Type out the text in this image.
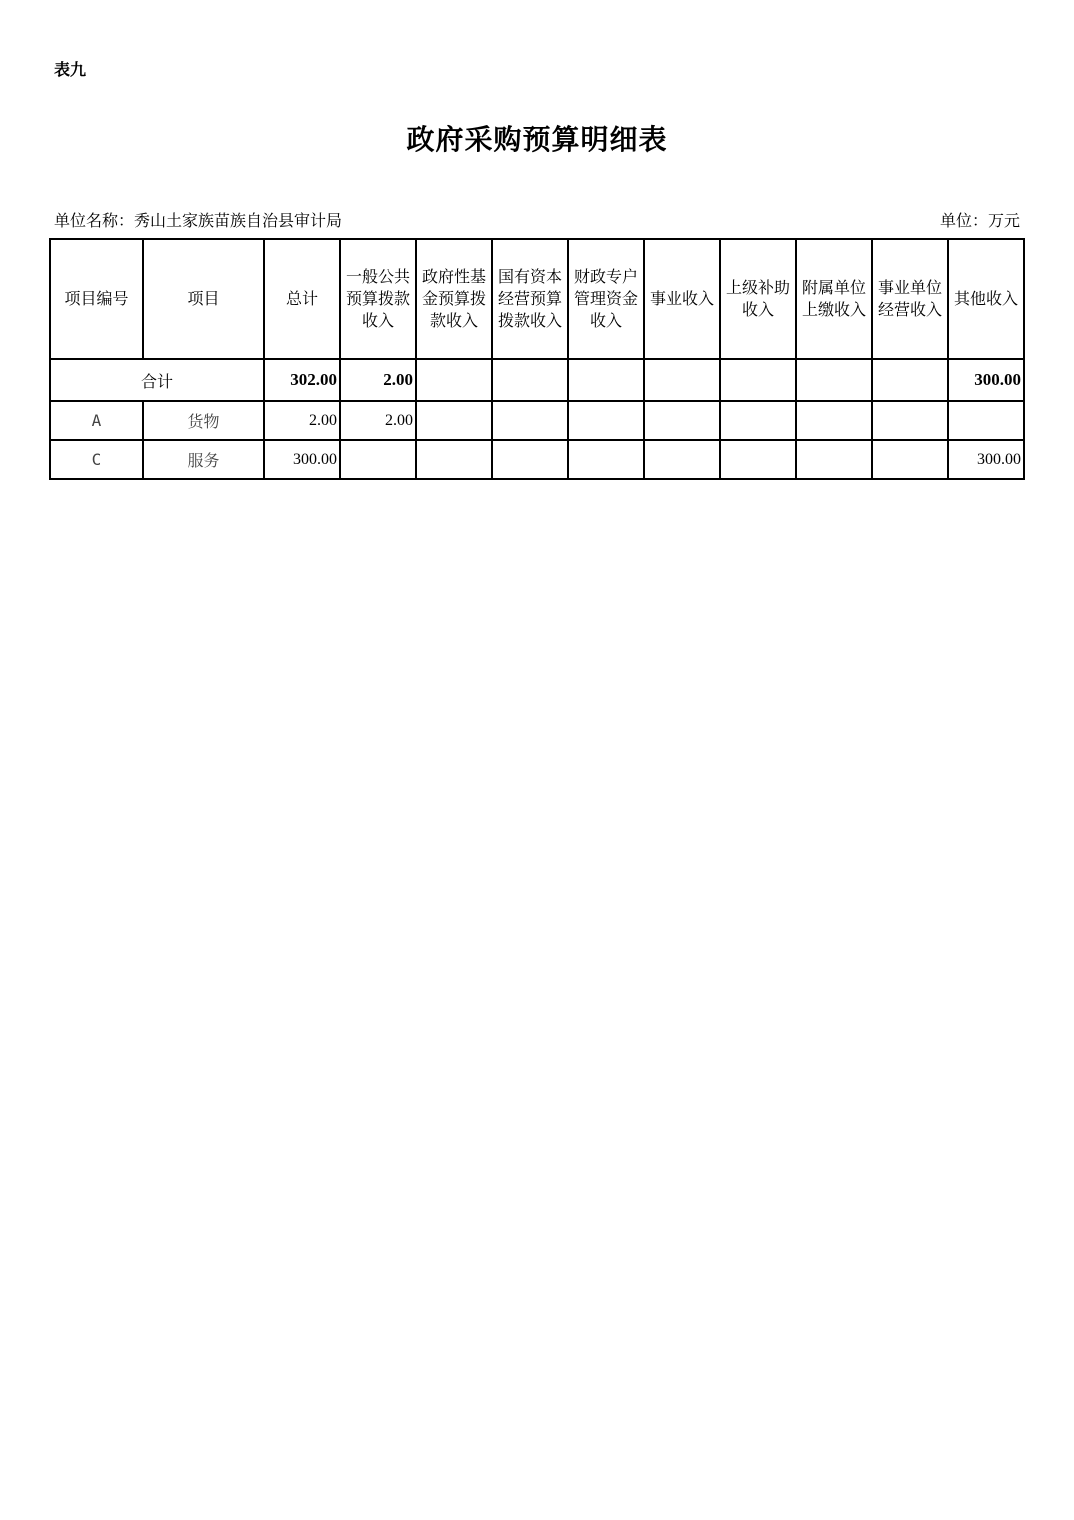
表九
政府采购预算明细表
单位名称：秀山土家族苗族自治县审计局	单位：万元
项目编号	项目	总计	一般公共预算拨款收入	政府性基金预算拨款收入	国有资本经营预算拨款收入	财政专户管理资金收入	事业收入	上级补助收入	附属单位上缴收入	事业单位经营收入	其他收入
合计		302.00	2.00								300.00
A	货物	2.00	2.00								
C	服务	300.00									300.00
